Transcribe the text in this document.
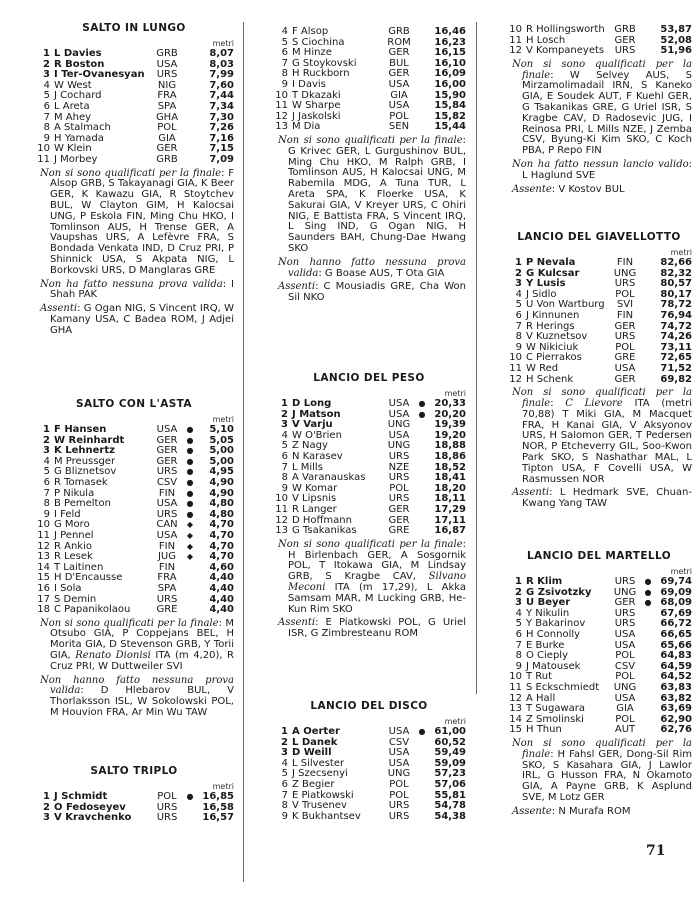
SALTO IN LUNGO
metri
1 L Davies	GRB	8,07
2 R Boston	USA	8,03
3 I Ter-Ovanesyan	URS	7,99
4 W West	NIG	7,60
5 J Cochard	FRA	7,44
6 L Areta	SPA	7,34
7 M Ahey	GHA	7,30
8 A Stalmach	POL	7,26
9 H Yamada	GIA	7,16
10 W Klein	GER	7,15
11 J Morbey	GRB	7,09
Non si sono qualificati per la finale: F Alsop GRB, S Takayanagi GIA, K Beer GER, K Kawazu GIA, R Stoytchev BUL, W Clayton GIM, H Kalocsai UNG, P Eskola FIN, Ming Chu HKO, I Tomlinson AUS, H Trense GER, A Vaupshas URS, A Lefèvre FRA, S Bondada Venkata IND, D Cruz PRI, P Shinnick USA, S Akpata NIG, L Borkovski URS, D Manglaras GRE
Non ha fatto nessuna prova valida: I Shah PAK
Assenti: G Ogan NIG, S Vincent IRQ, W Kamany USA, C Badea ROM, J Adjei GHA
SALTO CON L'ASTA
metri
1 F Hansen	USA	●	5,10
2 W Reinhardt	GER	●	5,05
3 K Lehnertz	GER	●	5,00
4 M Preussger	GER	●	5,00
5 G Bliznetsov	URS	●	4,95
6 R Tomasek	CSV	●	4,90
7 P Nikula	FIN	●	4,90
8 B Pemelton	USA	●	4,80
9 I Feld	URS	●	4,80
10 G Moro	CAN	◆	4,70
11 J Pennel	USA	◆	4,70
12 R Ankio	FIN	◆	4,70
13 R Lesek	JUG	◆	4,70
14 T Laitinen	FIN	4,60
15 H D'Encausse	FRA	4,40
16 I Sola	SPA	4,40
17 S Demin	URS	4,40
18 C Papanikolaou	GRE	4,40
Non si sono qualificati per la finale: M Otsubo GIA, P Coppejans BEL, H Morita GIA, D Stevenson GRB, Y Torii GIA, Renato Dionisi ITA (m 4,20), R Cruz PRI, W Duttweiler SVI
Non hanno fatto nessuna prova valida: D Hlebarov BUL, V Thorlaksson ISL, W Sokolowski POL, M Houvion FRA, Ar Min Wu TAW
SALTO TRIPLO
metri
1 J Schmidt	POL	● 16,85
2 O Fedoseyev	URS	16,58
3 V Kravchenko	URS	16,57
4 F Alsop	GRB	16,46
5 S Ciochina	ROM	16,23
6 M Hinze	GER	16,15
7 G Stoykovski	BUL	16,10
8 H Ruckborn	GER	16,09
9 I Davis	USA	16,00
10 T Dkazaki	GIA	15,90
11 W Sharpe	USA	15,84
12 J Jaskolski	POL	15,82
13 M Dia	SEN	15,44
Non si sono qualificati per la finale: G Krivec GER, L Gurgushinov BUL, Ming Chu HKO, M Ralph GRB, I Tomlinson AUS, H Kalocsai UNG, M Rabemila MDG, A Tuna TUR, L Areta SPA, K Floerke USA, K Sakurai GIA, V Kreyer URS, C Ohiri NIG, E Battista FRA, S Vincent IRQ, L Sing IND, G Ogan NIG, H Saunders BAH, Chung-Dae Hwang SKO
Non hanno fatto nessuna prova valida: G Boase AUS, T Ota GIA
Assenti: C Mousiadis GRE, Cha Won Sil NKO
LANCIO DEL PESO
metri
1 D Long	USA	● 20,33
2 J Matson	USA	● 20,20
3 V Varju	UNG	19,39
4 W O'Brien	USA	19,20
5 Z Nagy	UNG	18,88
6 N Karasev	URS	18,86
7 L Mills	NZE	18,52
8 A Varanauskas	URS	18,41
9 W Komar	POL	18,20
10 V Lipsnis	URS	18,11
11 R Langer	GER	17,29
12 D Hoffmann	GER	17,11
13 G Tsakanikas	GRE	16,87
Non si sono qualificati per la finale: H Birlenbach GER, A Sosgornik POL, T Itokawa GIA, M Lindsay GRB, S Kragbe CAV, Silvano Meconi ITA (m 17,29), L Akka Samsam MAR, M Lucking GRB, He-Kun Rim SKO
Assenti: E Piatkowski POL, G Uriel ISR, G Zimbresteanu ROM
LANCIO DEL DISCO
metri
1 A Oerter	USA	● 61,00
2 L Danek	CSV	60,52
3 D Weill	USA	59,49
4 L Silvester	USA	59,09
5 J Szecsenyi	UNG	57,23
6 Z Begier	POL	57,06
7 E Piatkowski	POL	55,81
8 V Trusenev	URS	54,78
9 K Bukhantsev	URS	54,38
10 R Hollingsworth GRB	53,87
11 H Losch	GER	52,08
12 V Kompaneyets	URS	51,96
Non si sono qualificati per la finale: W Selvey AUS, S Mirzamolimadail IRN, S Kaneko GIA, E Soudek AUT, F Kuehl GER, G Tsakanikas GRE, G Uriel ISR, S Kragbe CAV, D Radosevic JUG, I Reinosa PRI, L Mills NZE, J Zemba CSV, Byung-Ki Kim SKO, C Koch PBA, P Repo FIN
Non ha fatto nessun lancio valido: L Haglund SVE
Assente: V Kostov BUL
LANCIO DEL GIAVELLOTTO
metri
1 P Nevala	FIN	82,66
2 G Kulcsar	UNG	82,32
3 Y Lusis	URS	80,57
4 J Sidlo	POL	80,17
5 U Von Wartburg	SVI	78,72
6 J Kinnunen	FIN	76,94
7 R Herings	GER	74,72
8 V Kuznetsov	URS	74,26
9 W Nikiciuk	POL	73,11
10 C Pierrakos	GRE	72,65
11 W Red	USA	71,52
12 H Schenk	GER	69,82
Non si sono qualificati per la finale: C Lievore ITA (metri 70,88) T Miki GIA, M Macquet FRA, H Kanai GIA, V Aksyonov URS, H Salomon GER, T Pedersen NOR, P Etcheverry GIL, Soo-Kwon Park SKO, S Nashathar MAL, L Tipton USA, F Covelli USA, W Rasmussen NOR
Assenti: L Hedmark SVE, Chuan-Kwang Yang TAW
LANCIO DEL MARTELLO
metri
1 R Klim	URS	● 69,74
2 G Zsivotzky	UNG	● 69,09
3 U Beyer	GER	● 68,09
4 Y Nikulin	URS	67,69
5 Y Bakarinov	URS	66,72
6 H Connolly	USA	66,65
7 E Burke	USA	65,66
8 O Cieply	POL	64,83
9 J Matousek	CSV	64,59
10 T Rut	POL	64,52
11 S Eckschmiedt	UNG	63,83
12 A Hall	USA	63,82
13 T Sugawara	GIA	63,69
14 Z Smolinski	POL	62,90
15 H Thun	AUT	62,76
Non si sono qualificati per la finale: H Fahsl GER, Dong-Sil Rim SKO, S Kasahara GIA, J Lawlor IRL, G Husson FRA, N Okamoto GIA, A Payne GRB, K Asplund SVE, M Lotz GER
Assente: N Murafa ROM
71
